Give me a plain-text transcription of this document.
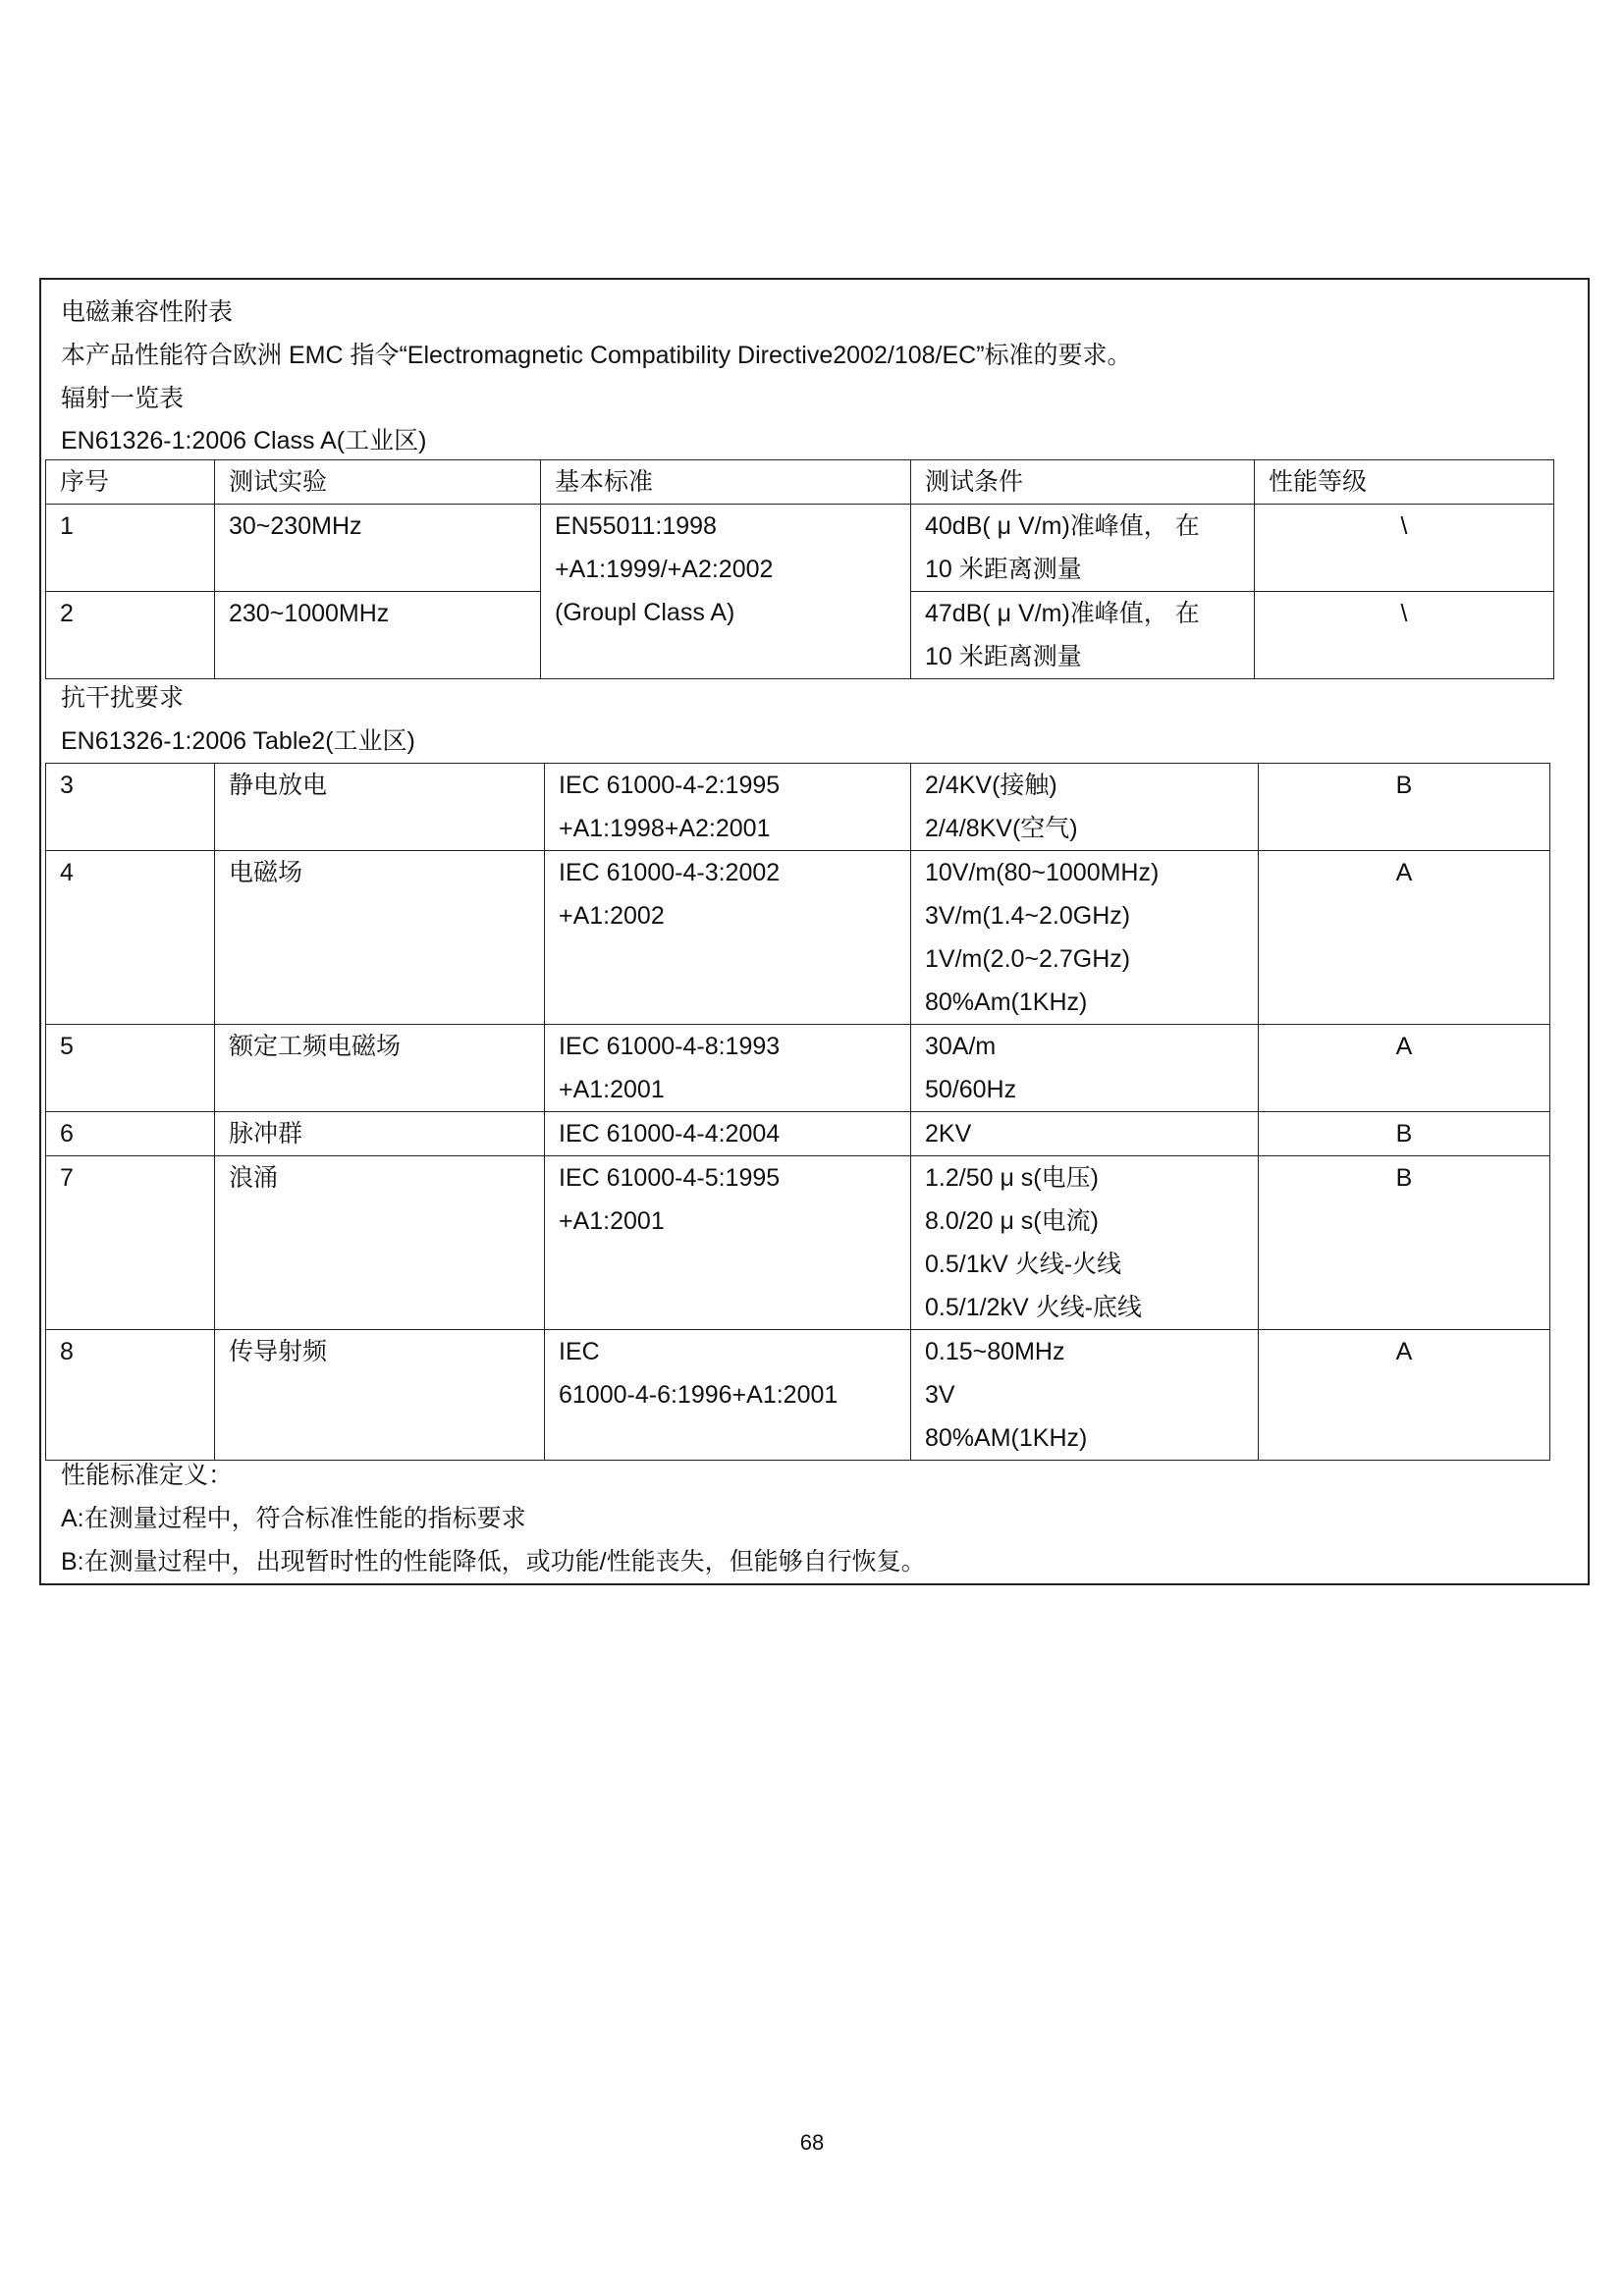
电磁兼容性附表
本产品性能符合欧洲 EMC 指令“Electromagnetic Compatibility Directive2002/108/EC”标准的要求。
辐射一览表
EN61326-1:2006 Class A(工业区)
序号	测试实验	基本标准	测试条件	性能等级
1	30~230MHz	EN55011:1998
+A1:1999/+A2:2002
(Groupl Class A)	40dB( μ V/m)准峰值， 在
10 米距离测量	\
2	230~1000MHz		47dB( μ V/m)准峰值， 在
10 米距离测量	\
抗干扰要求
EN61326-1:2006 Table2(工业区)
3	静电放电	IEC 61000-4-2:1995
+A1:1998+A2:2001	2/4KV(接触)
2/4/8KV(空气)	B
4	电磁场	IEC 61000-4-3:2002
+A1:2002	10V/m(80~1000MHz)
3V/m(1.4~2.0GHz)
1V/m(2.0~2.7GHz)
80%Am(1KHz)	A
5	额定工频电磁场	IEC 61000-4-8:1993
+A1:2001	30A/m
50/60Hz	A
6	脉冲群	IEC 61000-4-4:2004	2KV	B
7	浪涌	IEC 61000-4-5:1995
+A1:2001	1.2/50 μ s(电压)
8.0/20 μ s(电流)
0.5/1kV 火线-火线
0.5/1/2kV 火线-底线	B
8	传导射频	IEC
61000-4-6:1996+A1:2001	0.15~80MHz
3V
80%AM(1KHz)	A
性能标准定义：
A:在测量过程中，符合标准性能的指标要求
B:在测量过程中，出现暂时性的性能降低，或功能/性能丧失，但能够自行恢复。
68
